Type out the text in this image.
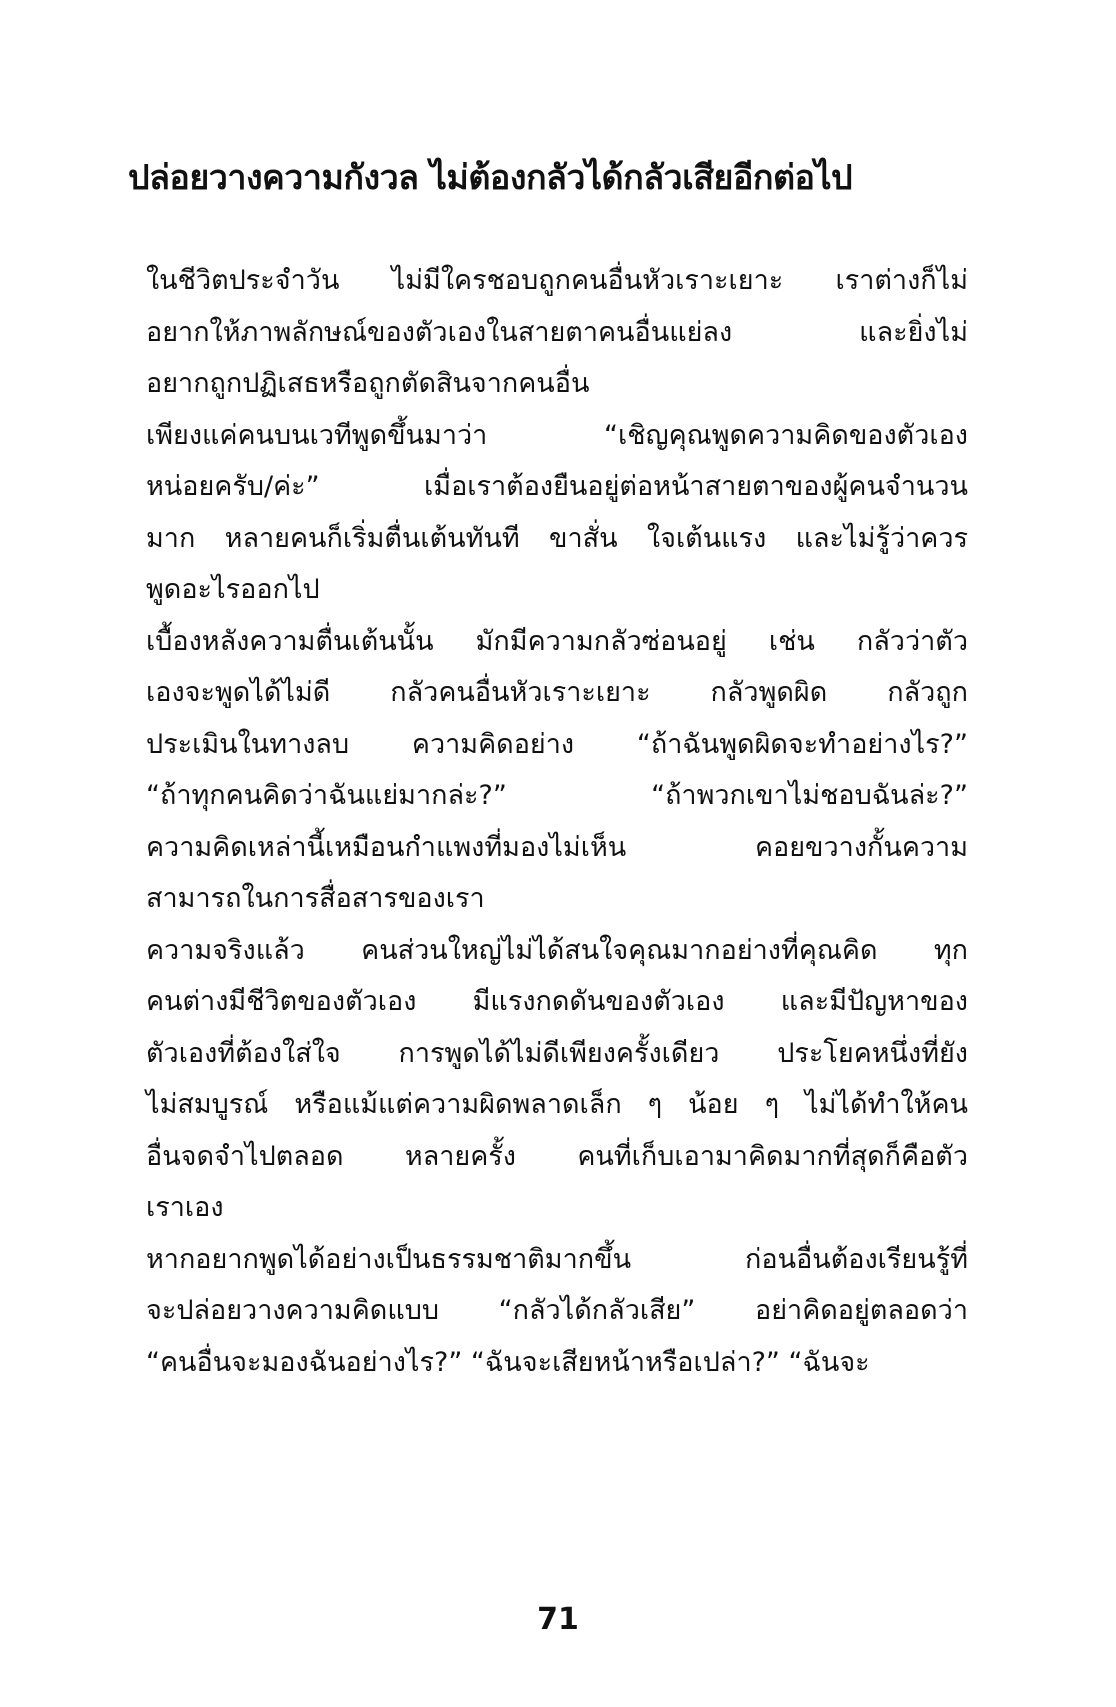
ปล่อยวางความกังวล ไม่ต้องกลัวได้กลัวเสียอีกต่อไป
ในชีวิตประจำวัน ไม่มีใครชอบถูกคนอื่นหัวเราะเยาะ เราต่างก็ไม่
อยากให้ภาพลักษณ์ของตัวเองในสายตาคนอื่นแย่ลง และยิ่งไม่
อยากถูกปฏิเสธหรือถูกตัดสินจากคนอื่น
เพียงแค่คนบนเวทีพูดขึ้นมาว่า “เชิญคุณพูดความคิดของตัวเอง
หน่อยครับ/ค่ะ” เมื่อเราต้องยืนอยู่ต่อหน้าสายตาของผู้คนจำนวน
มาก หลายคนก็เริ่มตื่นเต้นทันที ขาสั่น ใจเต้นแรง และไม่รู้ว่าควร
พูดอะไรออกไป
เบื้องหลังความตื่นเต้นนั้น มักมีความกลัวซ่อนอยู่ เช่น กลัวว่าตัว
เองจะพูดได้ไม่ดี กลัวคนอื่นหัวเราะเยาะ กลัวพูดผิด กลัวถูก
ประเมินในทางลบ ความคิดอย่าง “ถ้าฉันพูดผิดจะทำอย่างไร?”
“ถ้าทุกคนคิดว่าฉันแย่มากล่ะ?” “ถ้าพวกเขาไม่ชอบฉันล่ะ?”
ความคิดเหล่านี้เหมือนกำแพงที่มองไม่เห็น คอยขวางกั้นความ
สามารถในการสื่อสารของเรา
ความจริงแล้ว คนส่วนใหญ่ไม่ได้สนใจคุณมากอย่างที่คุณคิด ทุก
คนต่างมีชีวิตของตัวเอง มีแรงกดดันของตัวเอง และมีปัญหาของ
ตัวเองที่ต้องใส่ใจ การพูดได้ไม่ดีเพียงครั้งเดียว ประโยคหนึ่งที่ยัง
ไม่สมบูรณ์ หรือแม้แต่ความผิดพลาดเล็ก ๆ น้อย ๆ ไม่ได้ทำให้คน
อื่นจดจำไปตลอด หลายครั้ง คนที่เก็บเอามาคิดมากที่สุดก็คือตัว
เราเอง
หากอยากพูดได้อย่างเป็นธรรมชาติมากขึ้น ก่อนอื่นต้องเรียนรู้ที่
จะปล่อยวางความคิดแบบ “กลัวได้กลัวเสีย” อย่าคิดอยู่ตลอดว่า
“คนอื่นจะมองฉันอย่างไร?” “ฉันจะเสียหน้าหรือเปล่า?” “ฉันจะ
71
